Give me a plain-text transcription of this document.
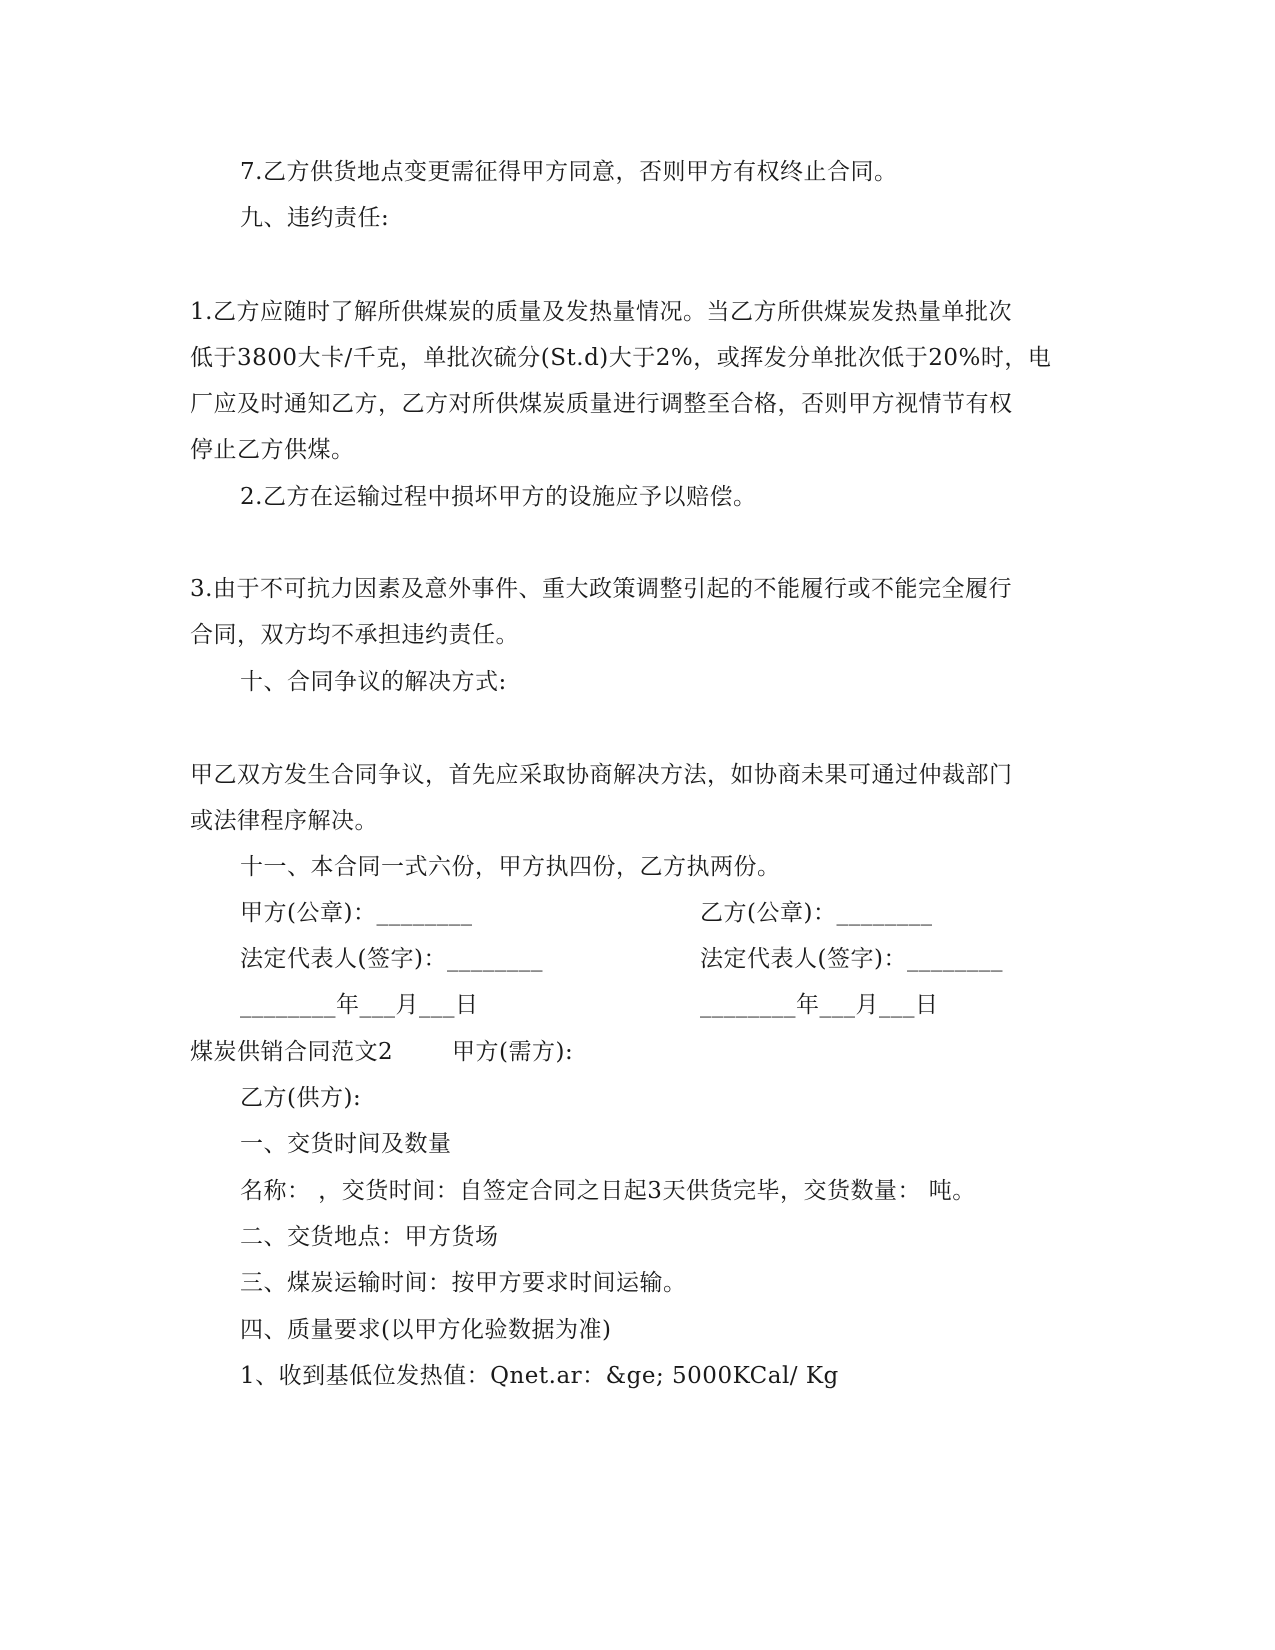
7.乙方供货地点变更需征得甲方同意，否则甲方有权终止合同。
九、违约责任:
1.乙方应随时了解所供煤炭的质量及发热量情况。当乙方所供煤炭发热量单批次
低于3800大卡/千克，单批次硫分(St.d)大于2%，或挥发分单批次低于20%时，电
厂应及时通知乙方，乙方对所供煤炭质量进行调整至合格，否则甲方视情节有权
停止乙方供煤。
2.乙方在运输过程中损坏甲方的设施应予以赔偿。
3.由于不可抗力因素及意外事件、重大政策调整引起的不能履行或不能完全履行
合同，双方均不承担违约责任。
十、合同争议的解决方式:
甲乙双方发生合同争议，首先应采取协商解决方法，如协商未果可通过仲裁部门
或法律程序解决。
十一、本合同一式六份，甲方执四份，乙方执两份。
甲方(公章)：________	乙方(公章)：________
法定代表人(签字)：________	法定代表人(签字)：________
________年___月___日	________年___月___日
煤炭供销合同范文2	甲方(需方):
乙方(供方):
一、交货时间及数量
名称： ，交货时间：自签定合同之日起3天供货完毕，交货数量： 吨。
二、交货地点：甲方货场
三、煤炭运输时间：按甲方要求时间运输。
四、质量要求(以甲方化验数据为准)
1、收到基低位发热值：Qnet.ar：&ge; 5000KCal/ Kg
